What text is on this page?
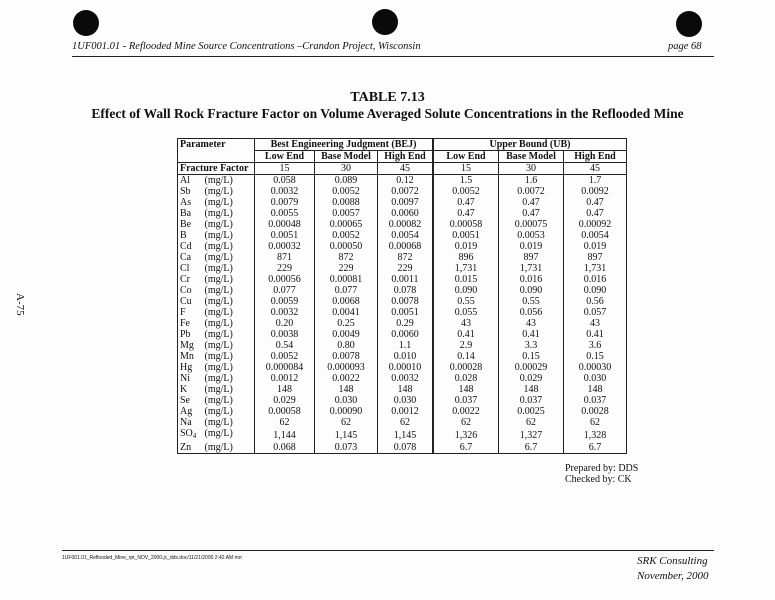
1UF001.01 - Reflooded Mine Source Concentrations –Crandon Project, Wisconsin	page 68
A-75
TABLE 7.13
Effect of Wall Rock Fracture Factor on Volume Averaged Solute Concentrations in the Reflooded Mine
Parameter	Best Engineering Judgment (BEJ)			Upper Bound (UB)		
	Low End	Base Model	High End	Low End	Base Model	High End
Fracture Factor	15	30	45	15	30	45
Al (mg/L)	0.058	0.089	0.12	1.5	1.6	1.7
Sb (mg/L)	0.0032	0.0052	0.0072	0.0052	0.0072	0.0092
As (mg/L)	0.0079	0.0088	0.0097	0.47	0.47	0.47
Ba (mg/L)	0.0055	0.0057	0.0060	0.47	0.47	0.47
Be (mg/L)	0.00048	0.00065	0.00082	0.00058	0.00075	0.00092
B (mg/L)	0.0051	0.0052	0.0054	0.0051	0.0053	0.0054
Cd (mg/L)	0.00032	0.00050	0.00068	0.019	0.019	0.019
Ca (mg/L)	871	872	872	896	897	897
Cl (mg/L)	229	229	229	1,731	1,731	1,731
Cr (mg/L)	0.00056	0.00081	0.0011	0.015	0.016	0.016
Co (mg/L)	0.077	0.077	0.078	0.090	0.090	0.090
Cu (mg/L)	0.0059	0.0068	0.0078	0.55	0.55	0.56
F (mg/L)	0.0032	0.0041	0.0051	0.055	0.056	0.057
Fe (mg/L)	0.20	0.25	0.29	43	43	43
Pb (mg/L)	0.0038	0.0049	0.0060	0.41	0.41	0.41
Mg (mg/L)	0.54	0.80	1.1	2.9	3.3	3.6
Mn (mg/L)	0.0052	0.0078	0.010	0.14	0.15	0.15
Hg (mg/L)	0.000084	0.000093	0.00010	0.00028	0.00029	0.00030
Ni (mg/L)	0.0012	0.0022	0.0032	0.028	0.029	0.030
K (mg/L)	148	148	148	148	148	148
Se (mg/L)	0.029	0.030	0.030	0.037	0.037	0.037
Ag (mg/L)	0.00058	0.00090	0.0012	0.0022	0.0025	0.0028
Na (mg/L)	62	62	62	62	62	62
$SO_4$ (mg/L)	1,144	1,145	1,145	1,326	1,327	1,328
Zn (mg/L)	0.068	0.073	0.078	6.7	6.7	6.7
Prepared by: DDS
Checked by: CK
1UF001.01_Reflooded_Mine_rpt_NOV_2000.jc_dds.doc/11/21/2000 2:42 AM mrr	SRK Consulting
November, 2000
